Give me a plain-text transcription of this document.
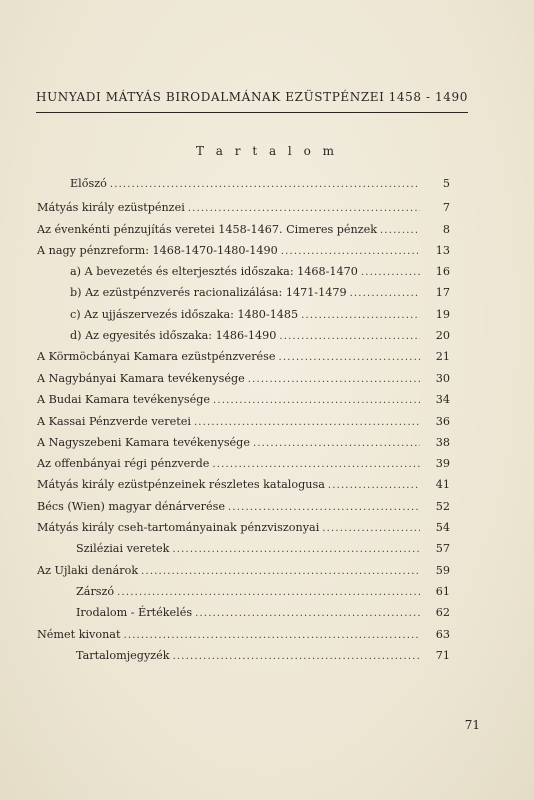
HUNYADI MÁTYÁS BIRODALMÁNAK EZÜSTPÉNZEI 1458 - 1490
T a r t a l o m
Előszó . . .	5
Mátyás király ezüstpénzei . . .	7
Az évenkénti pénzujítás veretei 1458-1467. Cimeres pénzek . . .	8
A nagy pénzreform: 1468-1470-1480-1490 . . .	13
a) A bevezetés és elterjesztés időszaka: 1468-1470 . . .	16
b) Az ezüstpénzverés racionalizálása: 1471-1479 . . .	17
c) Az ujjászervezés időszaka: 1480-1485 . . .	19
d) Az egyesités időszaka: 1486-1490 . . .	20
A Körmöcbányai Kamara ezüstpénzverése . . .	21
A Nagybányai Kamara tevékenysége . . .	30
A Budai Kamara tevékenysége . . .	34
A Kassai Pénzverde veretei . . .	36
A Nagyszebeni Kamara tevékenysége . . .	38
Az offenbányai régi pénzverde . . .	39
Mátyás király ezüstpénzeinek részletes katalogusa . . .	41
Bécs (Wien) magyar dénárverése . . .	52
Mátyás király cseh-tartományainak pénzviszonyai . . .	54
Sziléziai veretek . . .	57
Az Ujlaki denárok . . .	59
Zárszó . . .	61
Irodalom - Értékelés . . .	62
Német kivonat . . .	63
Tartalomjegyzék . . .	71
71
